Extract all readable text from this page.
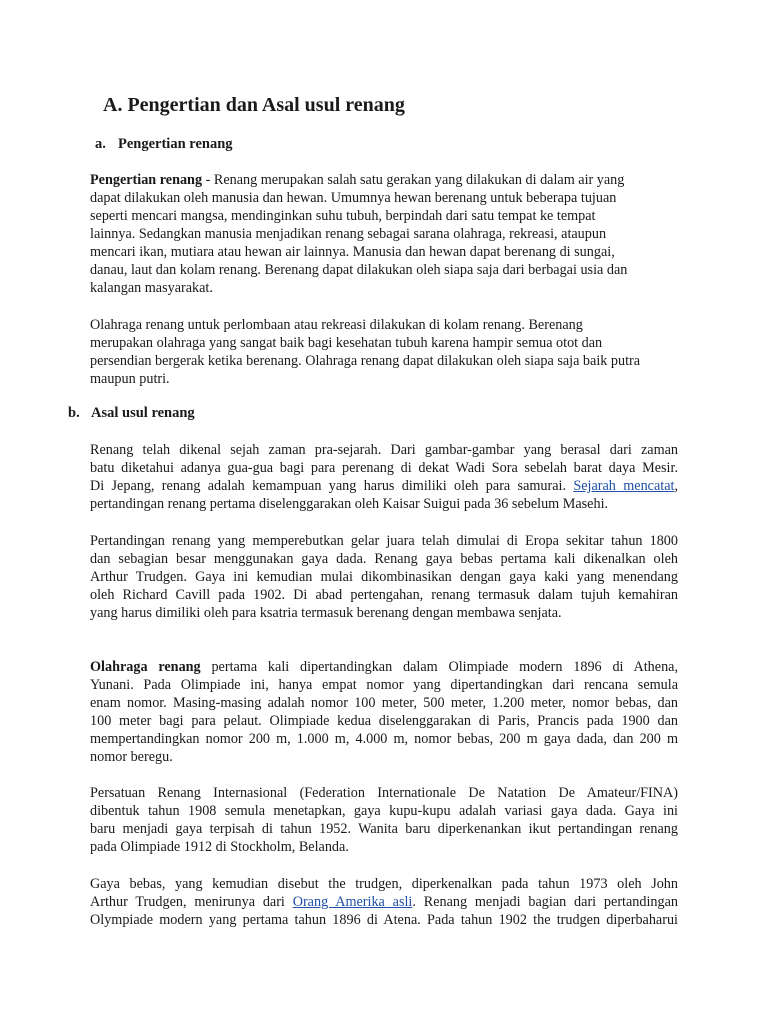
A. Pengertian dan Asal usul renang
a. Pengertian renang
Pengertian renang - Renang merupakan salah satu gerakan yang dilakukan di dalam air yang
dapat dilakukan oleh manusia dan hewan. Umumnya hewan berenang untuk beberapa tujuan
seperti mencari mangsa, mendinginkan suhu tubuh, berpindah dari satu tempat ke tempat
lainnya. Sedangkan manusia menjadikan renang sebagai sarana olahraga, rekreasi, ataupun
mencari ikan, mutiara atau hewan air lainnya. Manusia dan hewan dapat berenang di sungai,
danau, laut dan kolam renang. Berenang dapat dilakukan oleh siapa saja dari berbagai usia dan
kalangan masyarakat.
Olahraga renang untuk perlombaan atau rekreasi dilakukan di kolam renang. Berenang
merupakan olahraga yang sangat baik bagi kesehatan tubuh karena hampir semua otot dan
persendian bergerak ketika berenang. Olahraga renang dapat dilakukan oleh siapa saja baik putra
maupun putri.
b. Asal usul renang
Renang telah dikenal sejah zaman pra-sejarah. Dari gambar-gambar yang berasal dari zaman
batu diketahui adanya gua-gua bagi para perenang di dekat Wadi Sora sebelah barat daya Mesir.
Di Jepang, renang adalah kemampuan yang harus dimiliki oleh para samurai. Sejarah mencatat,
pertandingan renang pertama diselenggarakan oleh Kaisar Suigui pada 36 sebelum Masehi.
Pertandingan renang yang memperebutkan gelar juara telah dimulai di Eropa sekitar tahun 1800
dan sebagian besar menggunakan gaya dada. Renang gaya bebas pertama kali dikenalkan oleh
Arthur Trudgen. Gaya ini kemudian mulai dikombinasikan dengan gaya kaki yang menendang
oleh Richard Cavill pada 1902. Di abad pertengahan, renang termasuk dalam tujuh kemahiran
yang harus dimiliki oleh para ksatria termasuk berenang dengan membawa senjata.
Olahraga renang pertama kali dipertandingkan dalam Olimpiade modern 1896 di Athena,
Yunani. Pada Olimpiade ini, hanya empat nomor yang dipertandingkan dari rencana semula
enam nomor. Masing-masing adalah nomor 100 meter, 500 meter, 1.200 meter, nomor bebas, dan
100 meter bagi para pelaut. Olimpiade kedua diselenggarakan di Paris, Prancis pada 1900 dan
mempertandingkan nomor 200 m, 1.000 m, 4.000 m, nomor bebas, 200 m gaya dada, dan 200 m
nomor beregu.
Persatuan Renang Internasional (Federation Internationale De Natation De Amateur/FINA)
dibentuk tahun 1908 semula menetapkan, gaya kupu-kupu adalah variasi gaya dada. Gaya ini
baru menjadi gaya terpisah di tahun 1952. Wanita baru diperkenankan ikut pertandingan renang
pada Olimpiade 1912 di Stockholm, Belanda.
Gaya bebas, yang kemudian disebut the trudgen, diperkenalkan pada tahun 1973 oleh John
Arthur Trudgen, menirunya dari Orang Amerika asli. Renang menjadi bagian dari pertandingan
Olympiade modern yang pertama tahun 1896 di Atena. Pada tahun 1902 the trudgen diperbaharui
